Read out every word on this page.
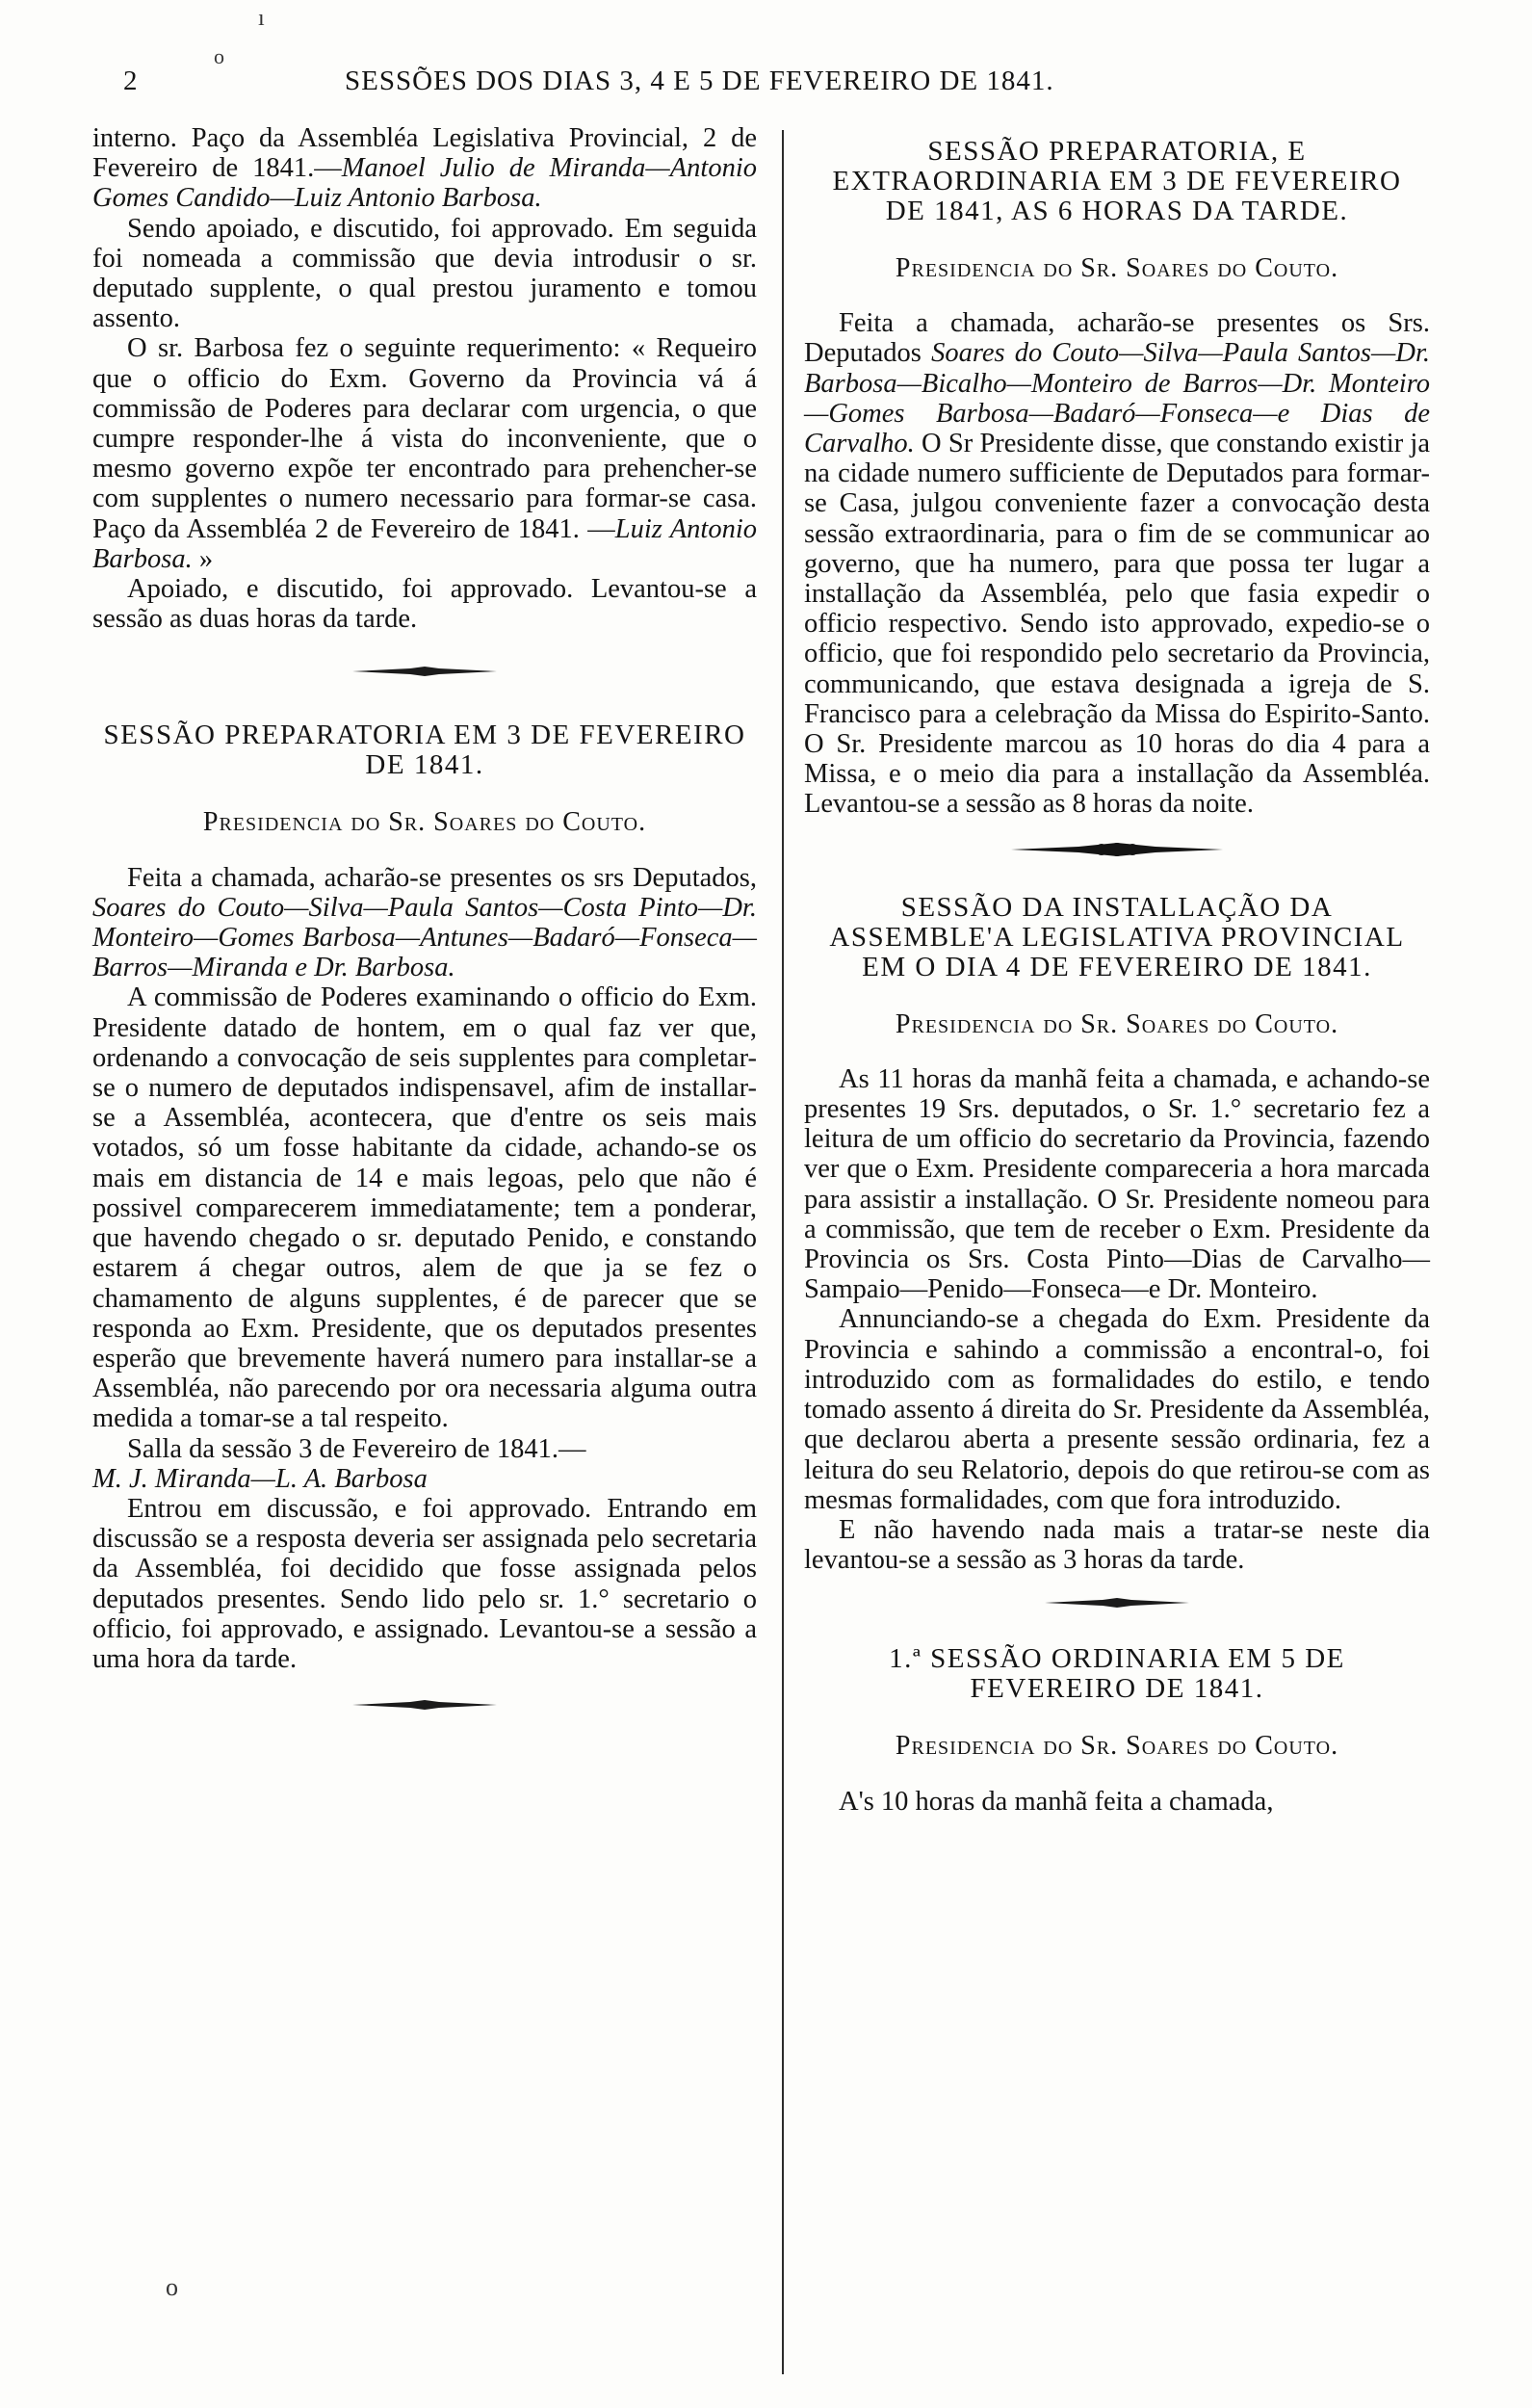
ı
o
2	SESSÕES DOS DIAS 3, 4 E 5 DE FEVEREIRO DE 1841.

interno. Paço da Assembléa Legislativa Provincial, 2 de Fevereiro de 1841.—Manoel Julio de Miranda—Antonio Gomes Candido—Luiz Antonio Barbosa.

Sendo apoiado, e discutido, foi approvado. Em seguida foi nomeada a commissão que devia introdusir o sr. deputado supplente, o qual prestou juramento e tomou assento.

O sr. Barbosa fez o seguinte requerimento: « Requeiro que o officio do Exm. Governo da Provincia vá á commissão de Poderes para declarar com urgencia, o que cumpre responder-lhe á vista do inconveniente, que o mesmo governo expõe ter encontrado para prehencher-se com supplentes o numero necessario para formar-se casa. Paço da Assembléa 2 de Fevereiro de 1841. —Luiz Antonio Barbosa. »

Apoiado, e discutido, foi approvado. Levantou-se a sessão as duas horas da tarde.

SESSÃO PREPARATORIA EM 3 DE FEVEREIRO DE 1841.
Presidencia do Sr. Soares do Couto.

Feita a chamada, acharão-se presentes os srs Deputados, Soares do Couto—Silva—Paula Santos—Costa Pinto—Dr. Monteiro—Gomes Barbosa—Antunes—Badaró—Fonseca—Barros—Miranda e Dr. Barbosa.

A commissão de Poderes examinando o officio do Exm. Presidente datado de hontem, em o qual faz ver que, ordenando a convocação de seis supplentes para completar-se o numero de deputados indispensavel, afim de installar-se a Assembléa, acontecera, que d'entre os seis mais votados, só um fosse habitante da cidade, achando-se os mais em distancia de 14 e mais legoas, pelo que não é possivel comparecerem immediatamente; tem a ponderar, que havendo chegado o sr. deputado Penido, e constando estarem á chegar outros, alem de que ja se fez o chamamento de alguns supplentes, é de parecer que se responda ao Exm. Presidente, que os deputados presentes esperão que brevemente haverá numero para installar-se a Assembléa, não parecendo por ora necessaria alguma outra medida a tomar-se a tal respeito.

Salla da sessão 3 de Fevereiro de 1841.—
M. J. Miranda—L. A. Barbosa

Entrou em discussão, e foi approvado. Entrando em discussão se a resposta deveria ser assignada pelo secretaria da Assembléa, foi decidido que fosse assignada pelos deputados presentes. Sendo lido pelo sr. 1.° secretario o officio, foi approvado, e assignado. Levantou-se a sessão a uma hora da tarde.

SESSÃO PREPARATORIA, E EXTRAORDINARIA EM 3 DE FEVEREIRO DE 1841, AS 6 HORAS DA TARDE.
Presidencia do Sr. Soares do Couto.

Feita a chamada, acharão-se presentes os Srs. Deputados Soares do Couto—Silva—Paula Santos—Dr. Barbosa—Bicalho—Monteiro de Barros—Dr. Monteiro—Gomes Barbosa—Badaró—Fonseca—e Dias de Carvalho. O Sr Presidente disse, que constando existir ja na cidade numero sufficiente de Deputados para formar-se Casa, julgou conveniente fazer a convocação desta sessão extraordinaria, para o fim de se communicar ao governo, que ha numero, para que possa ter lugar a installação da Assembléa, pelo que fasia expedir o officio respectivo. Sendo isto approvado, expedio-se o officio, que foi respondido pelo secretario da Provincia, communicando, que estava designada a igreja de S. Francisco para a celebração da Missa do Espirito-Santo. O Sr. Presidente marcou as 10 horas do dia 4 para a Missa, e o meio dia para a installação da Assembléa. Levantou-se a sessão as 8 horas da noite.

SESSÃO DA INSTALLAÇÃO DA ASSEMBLE'A LEGISLATIVA PROVINCIAL EM O DIA 4 DE FEVEREIRO DE 1841.
Presidencia do Sr. Soares do Couto.

As 11 horas da manhã feita a chamada, e achando-se presentes 19 Srs. deputados, o Sr. 1.° secretario fez a leitura de um officio do secretario da Provincia, fazendo ver que o Exm. Presidente compareceria a hora marcada para assistir a installação. O Sr. Presidente nomeou para a commissão, que tem de receber o Exm. Presidente da Provincia os Srs. Costa Pinto—Dias de Carvalho—Sampaio—Penido—Fonseca—e Dr. Monteiro.

Annunciando-se a chegada do Exm. Presidente da Provincia e sahindo a commissão a encontral-o, foi introduzido com as formalidades do estilo, e tendo tomado assento á direita do Sr. Presidente da Assembléa, que declarou aberta a presente sessão ordinaria, fez a leitura do seu Relatorio, depois do que retirou-se com as mesmas formalidades, com que fora introduzido.

E não havendo nada mais a tratar-se neste dia levantou-se a sessão as 3 horas da tarde.

1.ª SESSÃO ORDINARIA EM 5 DE FEVEREIRO DE 1841.
Presidencia do Sr. Soares do Couto.

A's 10 horas da manhã feita a chamada,

o
